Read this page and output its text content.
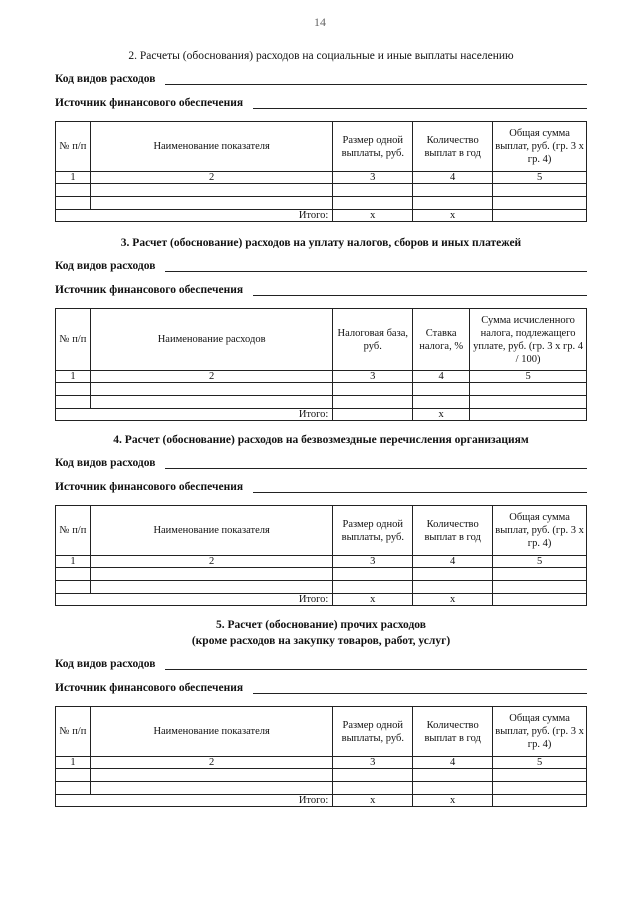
14
2. Расчеты (обоснования) расходов на социальные и иные выплаты населению
Код видов расходов
Источник финансового обеспечения
№ п/п	Наименование показателя	Размер одной выплаты, руб.	Количество выплат в год	Общая сумма выплат, руб. (гр. 3 x гр. 4)
1	2	3	4	5

Итого:		x	x	
3. Расчет (обоснование) расходов на уплату налогов, сборов и иных платежей
Код видов расходов
Источник финансового обеспечения
№ п/п	Наименование расходов	Налоговая база, руб.	Ставка налога, %	Сумма исчисленного налога, подлежащего уплате, руб. (гр. 3 x гр. 4 / 100)
1	2	3	4	5

Итого:			x	
4. Расчет (обоснование) расходов на безвозмездные перечисления организациям
Код видов расходов
Источник финансового обеспечения
№ п/п	Наименование показателя	Размер одной выплаты, руб.	Количество выплат в год	Общая сумма выплат, руб. (гр. 3 x гр. 4)
1	2	3	4	5

Итого:		x	x	
5. Расчет (обоснование) прочих расходов
(кроме расходов на закупку товаров, работ, услуг)
Код видов расходов
Источник финансового обеспечения
№ п/п	Наименование показателя	Размер одной выплаты, руб.	Количество выплат в год	Общая сумма выплат, руб. (гр. 3 x гр. 4)
1	2	3	4	5

Итого:		x	x	
